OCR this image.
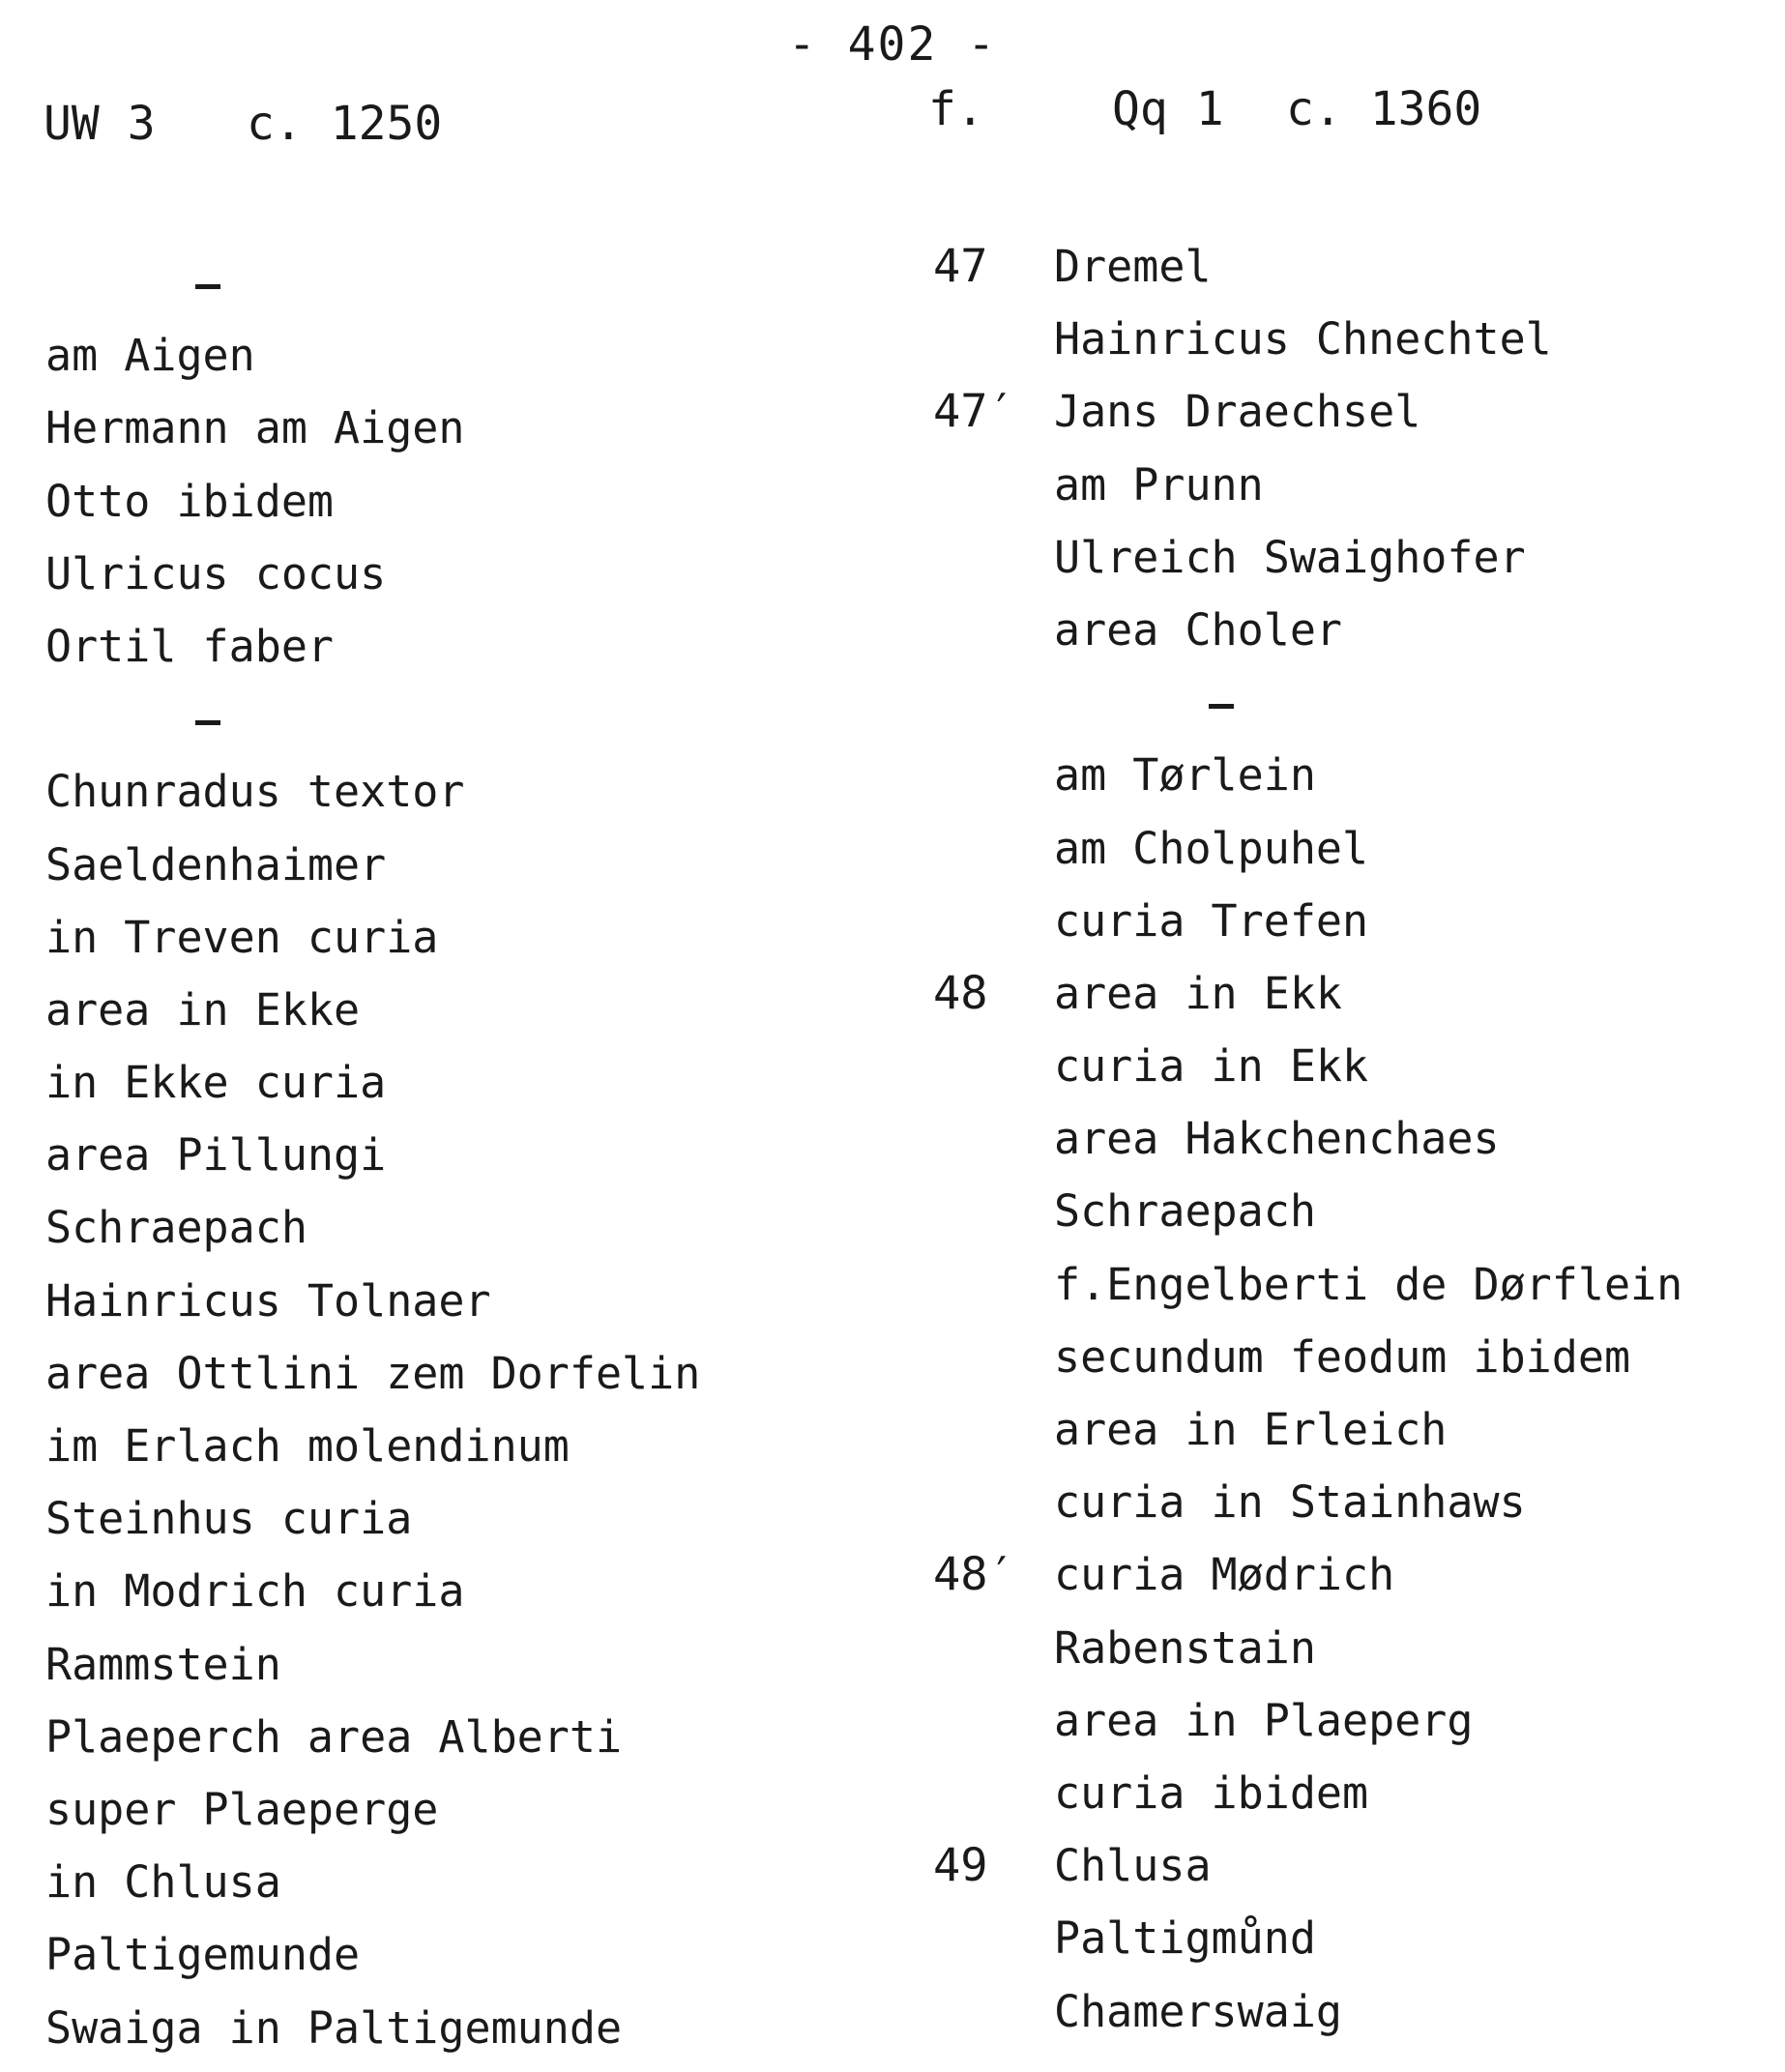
- 402 -
UW 3 c. 1250	f.	Qq 1 c. 1360
am Aigen
Hermann am Aigen
Otto ibidem
Ulricus cocus
Ortil faber
Chunradus textor
Saeldenhaimer
in Treven curia
area in Ekke
in Ekke curia
area Pillungi
Schraepach
Hainricus Tolnaer
area Ottlini zem Dorfelin
im Erlach molendinum
Steinhus curia
in Modrich curia
Rammstein
Plaeperch area Alberti
super Plaeperge
in Chlusa
Paltigemunde
Swaiga in Paltigemunde
47 Dremel
Hainricus Chnechtel
47′ Jans Draechsel
am Prunn
Ulreich Swaighofer
area Choler
am Tørlein
am Cholpuhel
curia Trefen
48 area in Ekk
curia in Ekk
area Hakchenchaes
Schraepach
f.Engelberti de Dørflein
secundum feodum ibidem
area in Erleich
curia in Stainhaws
48′ curia Mødrich
Rabenstain
area in Plaeperg
curia ibidem
49 Chlusa
Paltigmůnd
Chamerswaig
